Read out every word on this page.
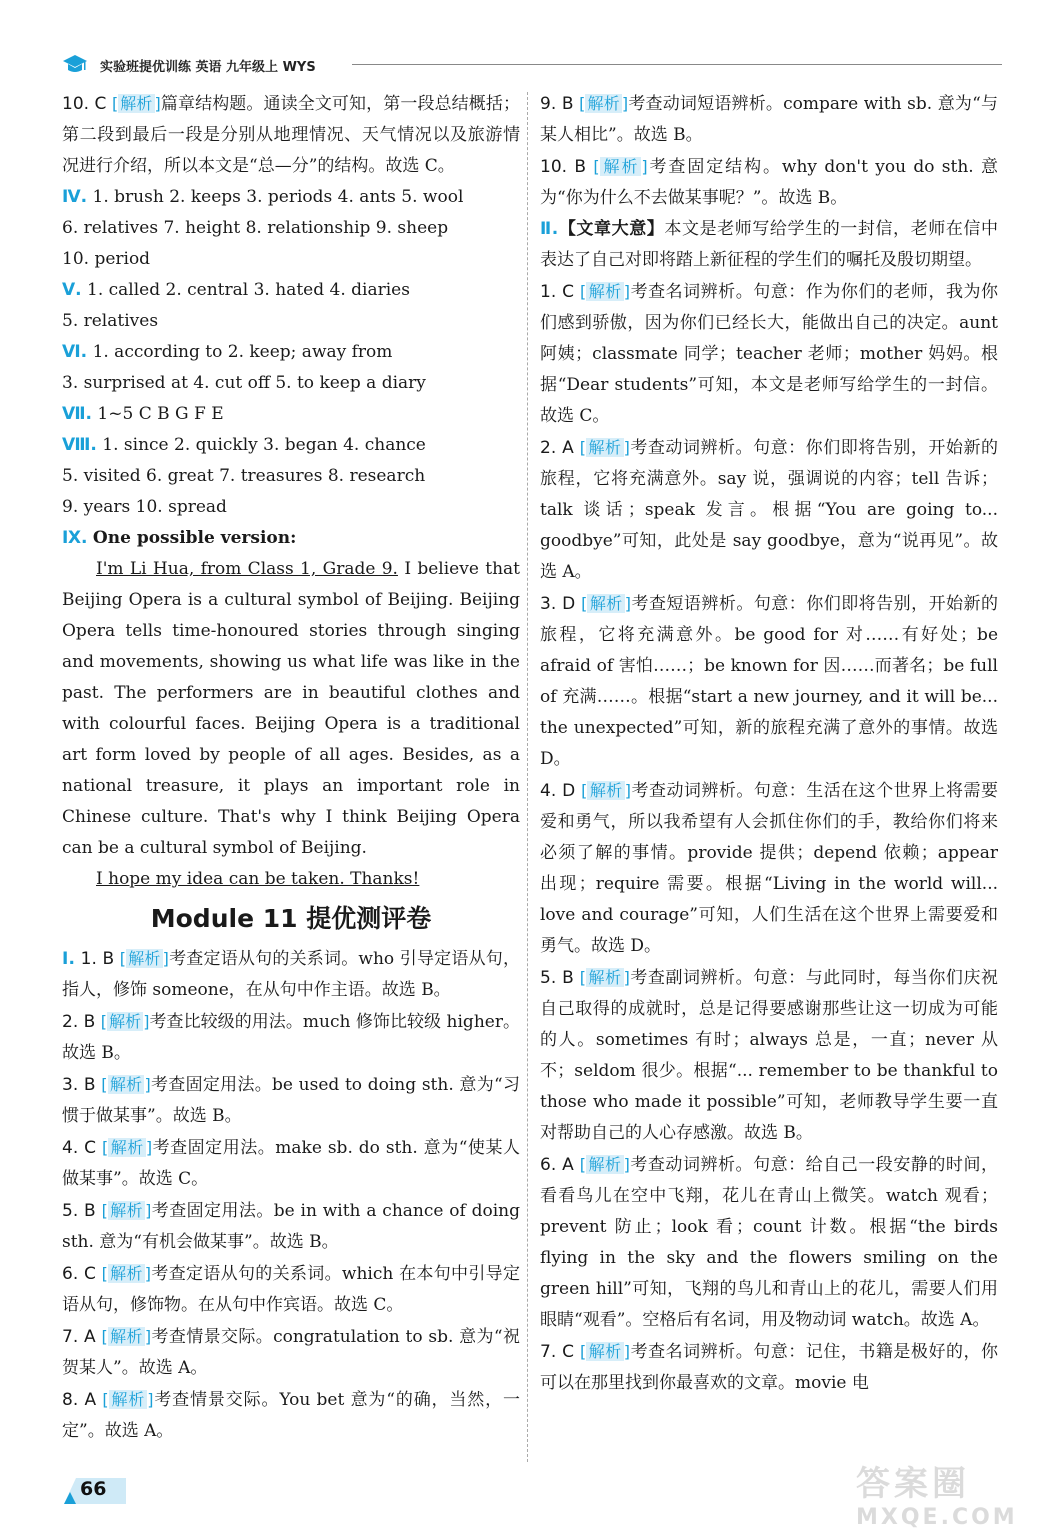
实验班提优训练 英语 九年级上 WYS
10. C [ 解析 ]篇章结构题。通读全文可知，第一段总结概括；第二段到最后一段是分别从地理情况、天气情况以及旅游情况进行介绍，所以本文是“总—分”的结构。故选 C。
Ⅳ. 1. brush 2. keeps 3. periods 4. ants 5. wool
6. relatives 7. height 8. relationship 9. sheep
10. period
Ⅴ. 1. called 2. central 3. hated 4. diaries
5. relatives
Ⅵ. 1. according to 2. keep; away from
3. surprised at 4. cut off 5. to keep a diary
Ⅶ. 1~5 C B G F E
Ⅷ. 1. since 2. quickly 3. began 4. chance
5. visited 6. great 7. treasures 8. research
9. years 10. spread
Ⅸ. One possible version:

I'm Li Hua, from Class 1, Grade 9. I believe that Beijing Opera is a cultural symbol of Beijing. Beijing Opera tells time-honoured stories through singing and movements, showing us what life was like in the past. The performers are in beautiful clothes and with colourful faces. Beijing Opera is a traditional art form loved by people of all ages. Besides, as a national treasure, it plays an important role in Chinese culture. That's why I think Beijing Opera can be a cultural symbol of Beijing.

I hope my idea can be taken. Thanks!

Module 11 提优测评卷
Ⅰ. 1. B [ 解析 ]考查定语从句的关系词。who 引导定语从句，指人，修饰 someone，在从句中作主语。故选 B。
2. B [ 解析 ]考查比较级的用法。much 修饰比较级 higher。故选 B。
3. B [ 解析 ]考查固定用法。be used to doing sth. 意为“习惯于做某事”。故选 B。
4. C [ 解析 ]考查固定用法。make sb. do sth. 意为“使某人做某事”。故选 C。
5. B [ 解析 ]考查固定用法。be in with a chance of doing sth. 意为“有机会做某事”。故选 B。
6. C [ 解析 ]考查定语从句的关系词。which 在本句中引导定语从句，修饰物。在从句中作宾语。故选 C。
7. A [ 解析 ]考查情景交际。congratulation to sb. 意为“祝贺某人”。故选 A。
8. A [ 解析 ]考查情景交际。You bet 意为“的确，当然，一定”。故选 A。
9. B [ 解析 ]考查动词短语辨析。compare with sb. 意为“与某人相比”。故选 B。
10. B [ 解析 ]考查固定结构。why don't you do sth. 意为“你为什么不去做某事呢？”。故选 B。
Ⅱ.【文章大意】本文是老师写给学生的一封信，老师在信中表达了自己对即将踏上新征程的学生们的嘱托及殷切期望。
1. C [ 解析 ]考查名词辨析。句意：作为你们的老师，我为你们感到骄傲，因为你们已经长大，能做出自己的决定。aunt 阿姨；classmate 同学；teacher 老师；mother 妈妈。根据“Dear students”可知，本文是老师写给学生的一封信。故选 C。
2. A [ 解析 ]考查动词辨析。句意：你们即将告别，开始新的旅程，它将充满意外。say 说，强调说的内容；tell 告诉；talk 谈话；speak 发言。根据“You are going to... goodbye”可知，此处是 say goodbye，意为“说再见”。故选 A。
3. D [ 解析 ]考查短语辨析。句意：你们即将告别，开始新的旅程，它将充满意外。be good for 对……有好处；be afraid of 害怕……；be known for 因……而著名；be full of 充满……。根据“start a new journey, and it will be... the unexpected”可知，新的旅程充满了意外的事情。故选 D。
4. D [ 解析 ]考查动词辨析。句意：生活在这个世界上将需要爱和勇气，所以我希望有人会抓住你们的手，教给你们将来必须了解的事情。provide 提供；depend 依赖；appear 出现；require 需要。根据“Living in the world will... love and courage”可知，人们生活在这个世界上需要爱和勇气。故选 D。
5. B [ 解析 ]考查副词辨析。句意：与此同时，每当你们庆祝自己取得的成就时，总是记得要感谢那些让这一切成为可能的人。sometimes 有时；always 总是，一直；never 从不；seldom 很少。根据“... remember to be thankful to those who made it possible”可知，老师教导学生要一直对帮助自己的人心存感激。故选 B。
6. A [ 解析 ]考查动词辨析。句意：给自己一段安静的时间，看看鸟儿在空中飞翔，花儿在青山上微笑。watch 观看；prevent 防止；look 看；count 计数。根据“the birds flying in the sky and the flowers smiling on the green hill”可知，飞翔的鸟儿和青山上的花儿，需要人们用眼睛“观看”。空格后有名词，用及物动词 watch。故选 A。
7. C [ 解析 ]考查名词辨析。句意：记住，书籍是极好的，你可以在那里找到你最喜欢的文章。movie 电
66	答案圈
MXQE.COM
